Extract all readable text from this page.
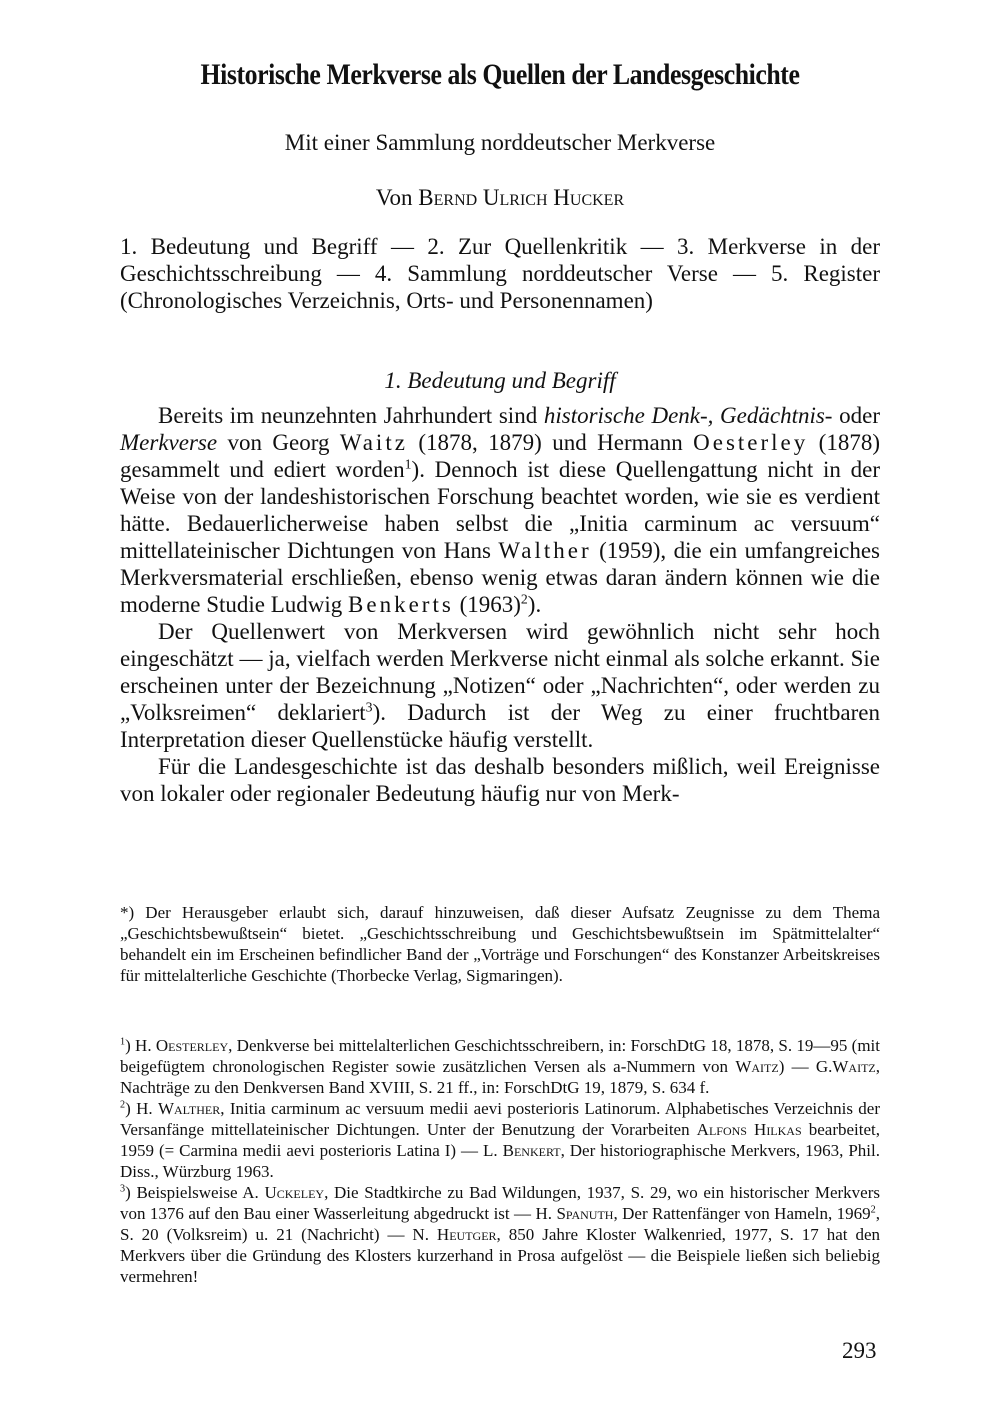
Historische Merkverse als Quellen der Landesgeschichte
Mit einer Sammlung norddeutscher Merkverse
Von Bernd Ulrich Hucker
1. Bedeutung und Begriff — 2. Zur Quellenkritik — 3. Merkverse in der Geschichtsschreibung — 4. Sammlung norddeutscher Verse — 5. Register (Chronologisches Verzeichnis, Orts- und Personennamen)
1. Bedeutung und Begriff

Bereits im neunzehnten Jahrhundert sind historische Denk-, Gedächtnis- oder Merkverse von Georg Waitz (1878, 1879) und Hermann Oesterley (1878) gesammelt und ediert worden$^1$). Dennoch ist diese Quellengattung nicht in der Weise von der landeshistorischen Forschung beachtet worden, wie sie es verdient hätte. Bedauerlicherweise haben selbst die „Initia carminum ac versuum“ mittellateinischer Dichtungen von Hans Walther (1959), die ein umfangreiches Merkversmaterial erschließen, ebenso wenig etwas daran ändern können wie die moderne Studie Ludwig Benkerts $(1963)^2$).

Der Quellenwert von Merkversen wird gewöhnlich nicht sehr hoch eingeschätzt — ja, vielfach werden Merkverse nicht einmal als solche erkannt. Sie erscheinen unter der Bezeichnung „Notizen“ oder „Nachrichten“, oder werden zu „Volksreimen“ deklariert$^3$). Dadurch ist der Weg zu einer fruchtbaren Interpretation dieser Quellenstücke häufig verstellt.

Für die Landesgeschichte ist das deshalb besonders mißlich, weil Ereignisse von lokaler oder regionaler Bedeutung häufig nur von Merk-

*) Der Herausgeber erlaubt sich, darauf hinzuweisen, daß dieser Aufsatz Zeugnisse zu dem Thema „Geschichtsbewußtsein“ bietet. „Geschichtsschreibung und Geschichtsbewußtsein im Spätmittelalter“ behandelt ein im Erscheinen befindlicher Band der „Vorträge und Forschungen“ des Konstanzer Arbeitskreises für mittelalterliche Geschichte (Thorbecke Verlag, Sigmaringen).

$^1$) H. Oesterley, Denkverse bei mittelalterlichen Geschichtsschreibern, in: ForschDtG 18, 1878, S. 19—95 (mit beigefügtem chronologischen Register sowie zusätzlichen Versen als a-Nummern von Waitz) — G.Waitz, Nachträge zu den Denkversen Band XVIII, S. 21 ff., in: ForschDtG 19, 1879, S. 634 f.

$^2$) H. Walther, Initia carminum ac versuum medii aevi posterioris Latinorum. Alphabetisches Verzeichnis der Versanfänge mittellateinischer Dichtungen. Unter der Benutzung der Vorarbeiten Alfons Hilkas bearbeitet, 1959 (= Carmina medii aevi posterioris Latina I) — L. Benkert, Der historiographische Merkvers, 1963, Phil. Diss., Würzburg 1963.

$^3$) Beispielsweise A. Uckeley, Die Stadtkirche zu Bad Wildungen, 1937, S. 29, wo ein historischer Merkvers von 1376 auf den Bau einer Wasserleitung abgedruckt ist — H. Spanuth, Der Rattenfänger von Hameln, 1969$^2$, S. 20 (Volksreim) u. 21 (Nachricht) — N. Heutger, 850 Jahre Kloster Walkenried, 1977, S. 17 hat den Merkvers über die Gründung des Klosters kurzerhand in Prosa aufgelöst — die Beispiele ließen sich beliebig vermehren!

293
